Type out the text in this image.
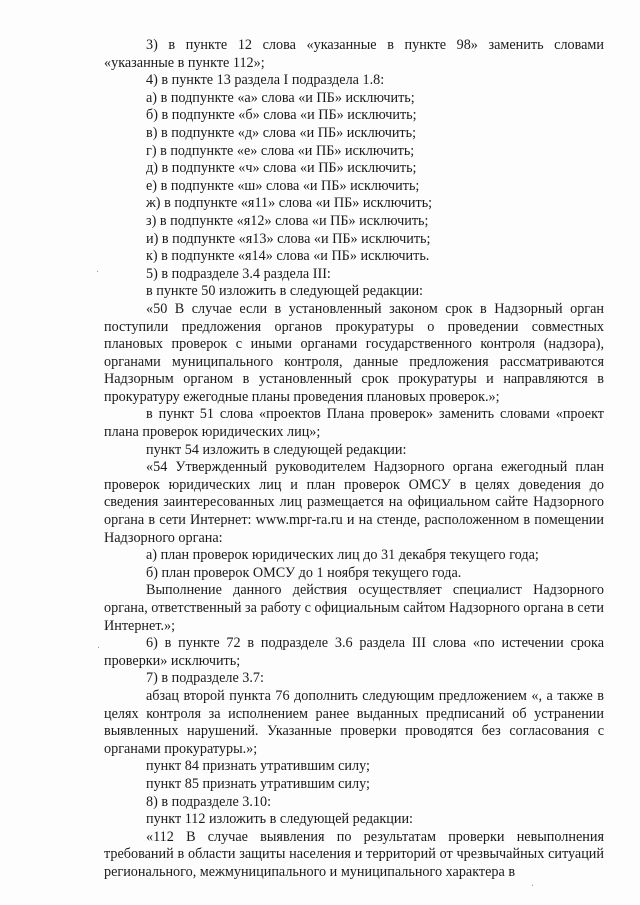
3) в пункте 12 слова «указанные в пункте 98» заменить словами «указанные в пункте 112»;

4) в пункте 13 раздела I подраздела 1.8:

а) в подпункте «а» слова «и ПБ» исключить;

б) в подпункте «б» слова «и ПБ» исключить;

в) в подпункте «д» слова «и ПБ» исключить;

г) в подпункте «е» слова «и ПБ» исключить;

д) в подпункте «ч» слова «и ПБ» исключить;

е) в подпункте «ш» слова «и ПБ» исключить;

ж) в подпункте «я11» слова «и ПБ» исключить;

з) в подпункте «я12» слова «и ПБ» исключить;

и) в подпункте «я13» слова «и ПБ» исключить;

к) в подпункте «я14» слова «и ПБ» исключить.

5) в подразделе 3.4 раздела III:

в пункте 50 изложить в следующей редакции:

«50 В случае если в установленный законом срок в Надзорный орган поступили предложения органов прокуратуры о проведении совместных плановых проверок с иными органами государственного контроля (надзора), органами муниципального контроля, данные предложения рассматриваются Надзорным органом в установленный срок прокуратуры и направляются в прокуратуру ежегодные планы проведения плановых проверок.»;

в пункт 51 слова «проектов Плана проверок» заменить словами «проект плана проверок юридических лиц»;

пункт 54 изложить в следующей редакции:

«54 Утвержденный руководителем Надзорного органа ежегодный план проверок юридических лиц и план проверок ОМСУ в целях доведения до сведения заинтересованных лиц размещается на официальном сайте Надзорного органа в сети Интернет: www.mpr-ra.ru и на стенде, расположенном в помещении Надзорного органа:

а) план проверок юридических лиц до 31 декабря текущего года;

б) план проверок ОМСУ до 1 ноября текущего года.

Выполнение данного действия осуществляет специалист Надзорного органа, ответственный за работу с официальным сайтом Надзорного органа в сети Интернет.»;

6) в пункте 72 в подразделе 3.6 раздела III слова «по истечении срока проверки» исключить;

7) в подразделе 3.7:

абзац второй пункта 76 дополнить следующим предложением «, а также в целях контроля за исполнением ранее выданных предписаний об устранении выявленных нарушений. Указанные проверки проводятся без согласования с органами прокуратуры.»;

пункт 84 признать утратившим силу;

пункт 85 признать утратившим силу;

8) в подразделе 3.10:

пункт 112 изложить в следующей редакции:

«112 В случае выявления по результатам проверки невыполнения требований в области защиты населения и территорий от чрезвычайных ситуаций регионального, межмуниципального и муниципального характера в

·
·
·
